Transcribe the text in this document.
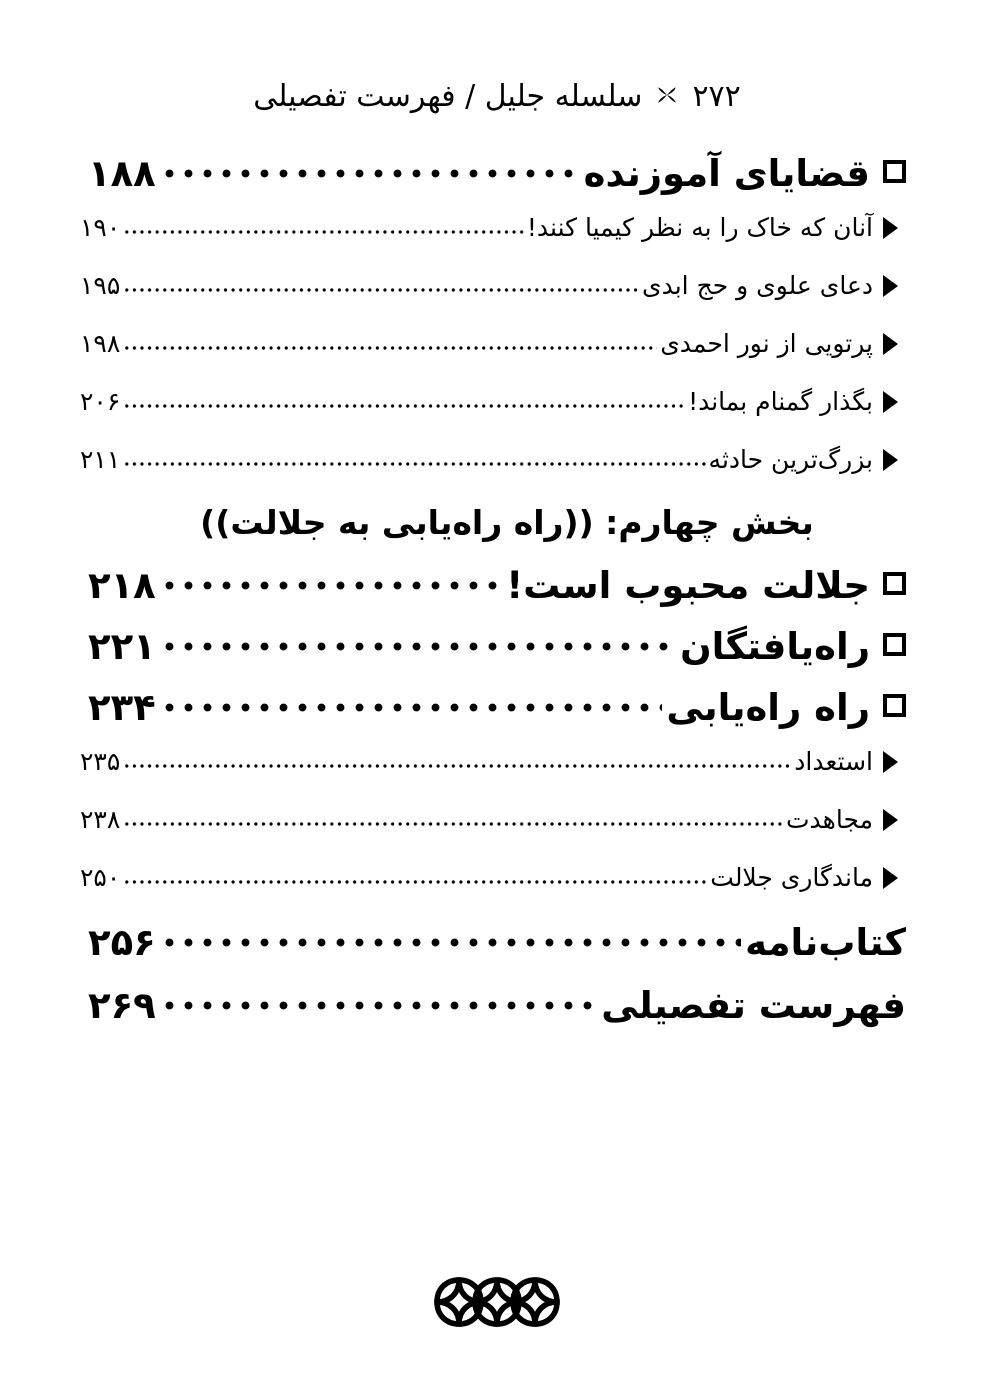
۲۷۲
سلسله جلیل / فهرست تفصیلی
قضایای آموزنده
۱۸۸
آنان که خاک را به نظر کیمیا کنند!
۱۹۰
دعای علوی و حج ابدی
۱۹۵
پرتویی از نور احمدی
۱۹۸
بگذار گمنام بماند!
۲۰۶
بزرگ‌ترین حادثه
۲۱۱
بخش چهارم: ((راه راه‌یابی به جلالت))
جلالت محبوب است!
۲۱۸
راه‌یافتگان
۲۲۱
راه راه‌یابی
۲۳۴
استعداد
۲۳۵
مجاهدت
۲۳۸
ماندگاری جلالت
۲۵۰
کتاب‌نامه
۲۵۶
فهرست تفصیلی
۲۶۹
